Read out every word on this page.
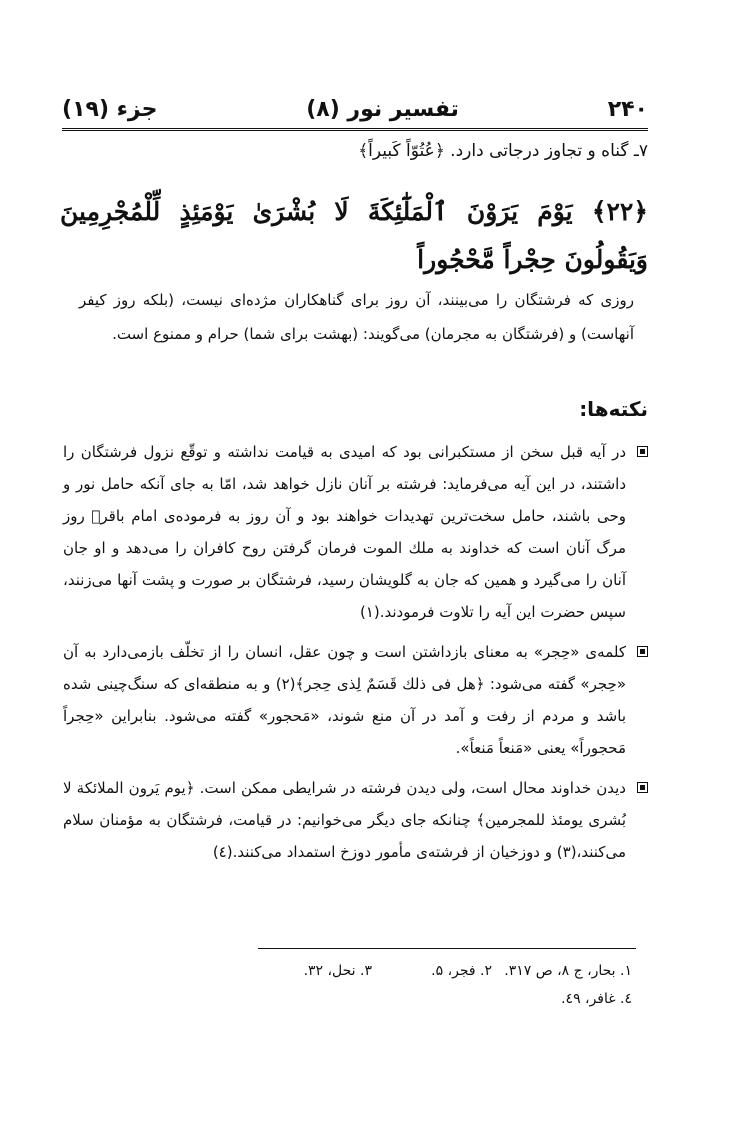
۲۴۰
تفسیر نور (۸)
جزء (۱۹)
۷ـ گناه و تجاوز درجاتی دارد. ﴿عُتُوّاً كَبیراً﴾
﴿۲۲﴾ يَوْمَ يَرَوْنَ ٱلْمَلَٰٓئِكَةَ لَا بُشْرَىٰ يَوْمَئِذٍ لِّلْمُجْرِمِينَ وَيَقُولُونَ حِجْراً مَّحْجُوراً
روزی كه فرشتگان را می‌بینند، آن روز برای گناهكاران مژده‌ای نیست، (بلكه روز كیفر آنهاست) و (فرشتگان به مجرمان) می‌گویند: (بهشت برای شما) حرام و ممنوع است.
نكته‌ها:
در آیه قبل سخن از مستكبرانی بود كه امیدی به قیامت نداشته و توقّع نزول فرشتگان را داشتند، در این آیه می‌فرماید: فرشته بر آنان نازل خواهد شد، امّا به جای آنكه حامل نور و وحی باشند، حامل سخت‌ترین تهدیدات خواهند بود و آن روز به فرموده‌ی امام باقرؑ روز مرگ آنان است كه خداوند به ملك الموت فرمان گرفتن روح كافران را می‌دهد و او جان آنان را می‌گیرد و همین كه جان به گلویشان رسید، فرشتگان بر صورت و پشت آنها می‌زنند، سپس حضرت این آیه را تلاوت فرمودند.(۱)
كلمه‌ی «حِجر» به معنای بازداشتن است و چون عقل، انسان را از تخلّف بازمی‌دارد به آن «حِجر» گفته می‌شود: ﴿هل فی ذلك قَسَمٌ لِذی حِجر﴾(۲) و به منطقه‌ای كه سنگ‌چینی شده باشد و مردم از رفت و آمد در آن منع شوند، «مَحجور» گفته می‌شود. بنابراین «حِجراً مَحجوراً» یعنی «مَنعاً مَنعاً».
دیدن خداوند محال است، ولی دیدن فرشته در شرایطی ممكن است. ﴿یوم یَرون الملائكة لا بُشری یومئذ للمجرمین﴾ چنانكه جای دیگر می‌خوانیم: در قیامت، فرشتگان به مؤمنان سلام می‌كنند،(۳) و دوزخیان از فرشته‌ی مأمور دوزخ استمداد می‌كنند.(٤)
۱. بحار، ج ۸، ص ۳۱۷.
۲. فجر، ۵.
۳. نحل، ۳۲.
٤. غافر، ٤۹.
